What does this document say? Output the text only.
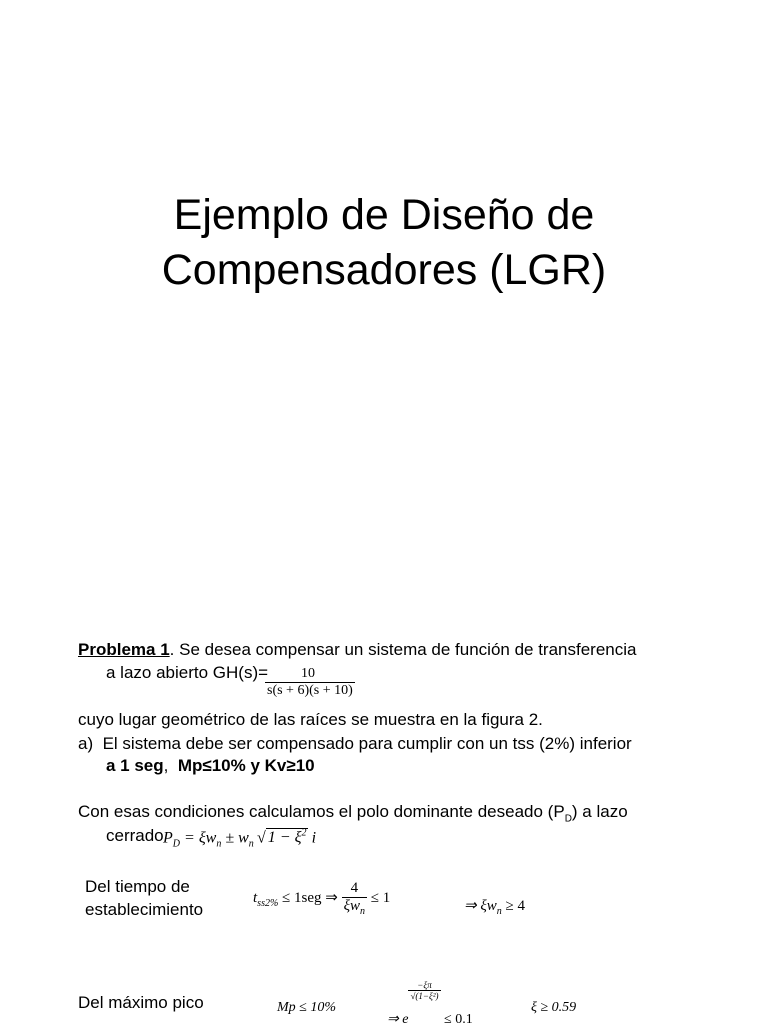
Ejemplo de Diseño de
Compensadores (LGR)
Problema 1. Se desea compensar un sistema de función de transferencia
a lazo abierto GH(s)=
$\frac{10}{s(s + 6)(s + 10)}$
cuyo lugar geométrico de las raíces se muestra en la figura 2.
a) El sistema debe ser compensado para cumplir con un tss (2%) inferior
a 1 seg,  Mp≤10% y Kv≥10
Con esas condiciones calculamos el polo dominante deseado $(P_D)$ a lazo
cerrado $P_D = \xi w_n \pm w_n$ √ $1 - \xi^2$ i
Del tiempo de
establecimiento
$t_{ss2\%} \le 1seg$ ⇒ $\frac{4}{\xi w_n} \le 1$
⇒ $\xi w_n \ge 4$
Del máximo pico	Mp ≤ 10%
⇒ e
$\frac{-\xi\pi}{\text{√(1−ξ²)}}$
≤ 0.1
ξ ≥ 0.59
